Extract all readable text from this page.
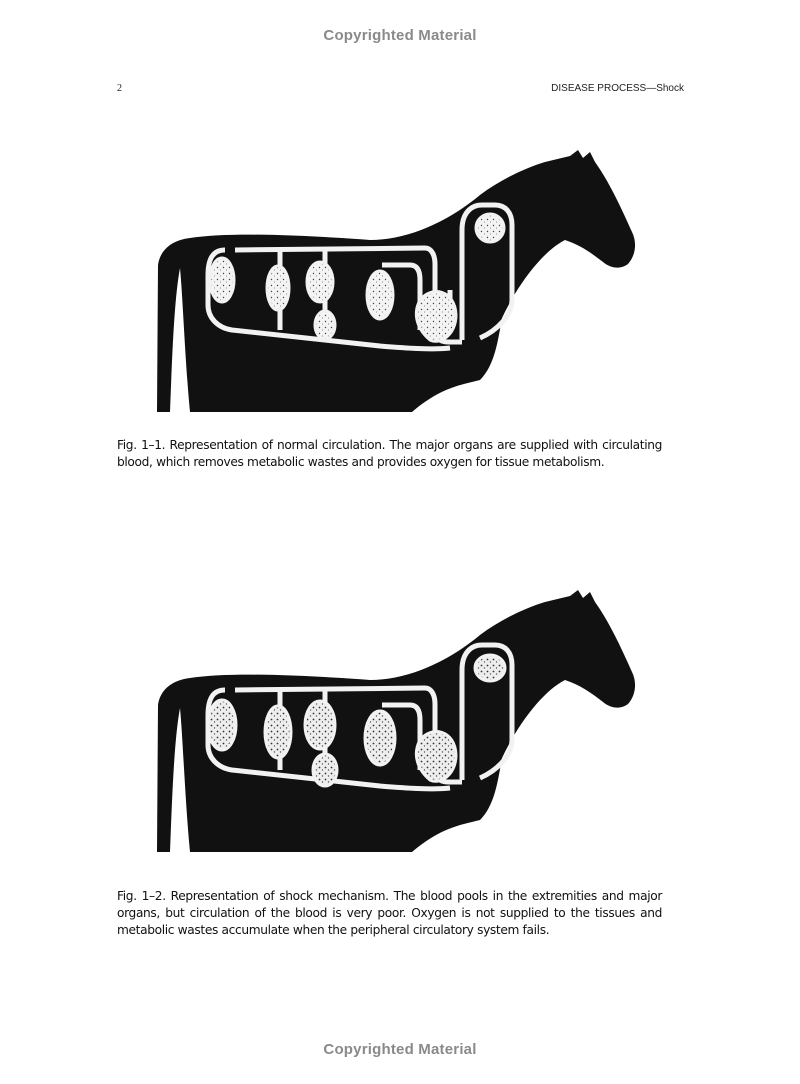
Copyrighted Material
2	DISEASE PROCESS—Shock
Fig. 1–1. Representation of normal circulation. The major organs are supplied with circulating blood, which removes metabolic wastes and provides oxygen for tissue metabolism.
Fig. 1–2. Representation of shock mechanism. The blood pools in the extremities and major organs, but circulation of the blood is very poor. Oxygen is not supplied to the tissues and metabolic wastes accumulate when the peripheral circulatory system fails.
Copyrighted Material
